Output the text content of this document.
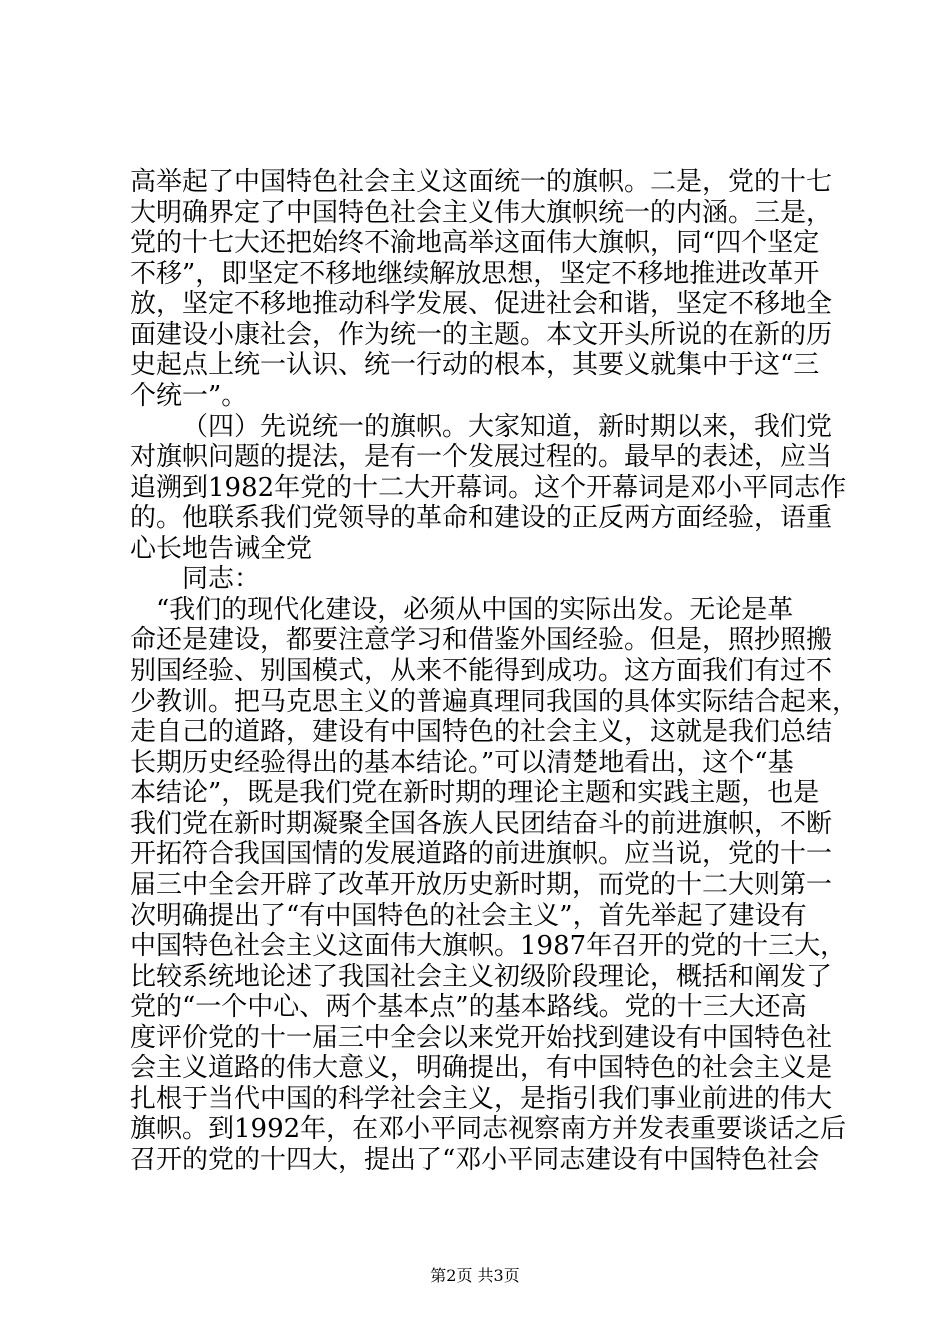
高举起了中国特色社会主义这面统一的旗帜。二是，党的十七
大明确界定了中国特色社会主义伟大旗帜统一的内涵。三是，
党的十七大还把始终不渝地高举这面伟大旗帜，同“四个坚定
不移”，即坚定不移地继续解放思想，坚定不移地推进改革开
放，坚定不移地推动科学发展、促进社会和谐，坚定不移地全
面建设小康社会，作为统一的主题。本文开头所说的在新的历
史起点上统一认识、统一行动的根本，其要义就集中于这“三
个统一”。
（四）先说统一的旗帜。大家知道，新时期以来，我们党
对旗帜问题的提法，是有一个发展过程的。最早的表述，应当
追溯到1982年党的十二大开幕词。这个开幕词是邓小平同志作
的。他联系我们党领导的革命和建设的正反两方面经验，语重
心长地告诫全党
同志：
“我们的现代化建设，必须从中国的实际出发。无论是革
命还是建设，都要注意学习和借鉴外国经验。但是，照抄照搬
别国经验、别国模式，从来不能得到成功。这方面我们有过不
少教训。把马克思主义的普遍真理同我国的具体实际结合起来，
走自己的道路，建设有中国特色的社会主义，这就是我们总结
长期历史经验得出的基本结论。”可以清楚地看出，这个“基
本结论”，既是我们党在新时期的理论主题和实践主题，也是
我们党在新时期凝聚全国各族人民团结奋斗的前进旗帜，不断
开拓符合我国国情的发展道路的前进旗帜。应当说，党的十一
届三中全会开辟了改革开放历史新时期，而党的十二大则第一
次明确提出了“有中国特色的社会主义”，首先举起了建设有
中国特色社会主义这面伟大旗帜。1987年召开的党的十三大，
比较系统地论述了我国社会主义初级阶段理论，概括和阐发了
党的“一个中心、两个基本点”的基本路线。党的十三大还高
度评价党的十一届三中全会以来党开始找到建设有中国特色社
会主义道路的伟大意义，明确提出，有中国特色的社会主义是
扎根于当代中国的科学社会主义，是指引我们事业前进的伟大
旗帜。到1992年，在邓小平同志视察南方并发表重要谈话之后
召开的党的十四大，提出了“邓小平同志建设有中国特色社会
第2页 共3页
